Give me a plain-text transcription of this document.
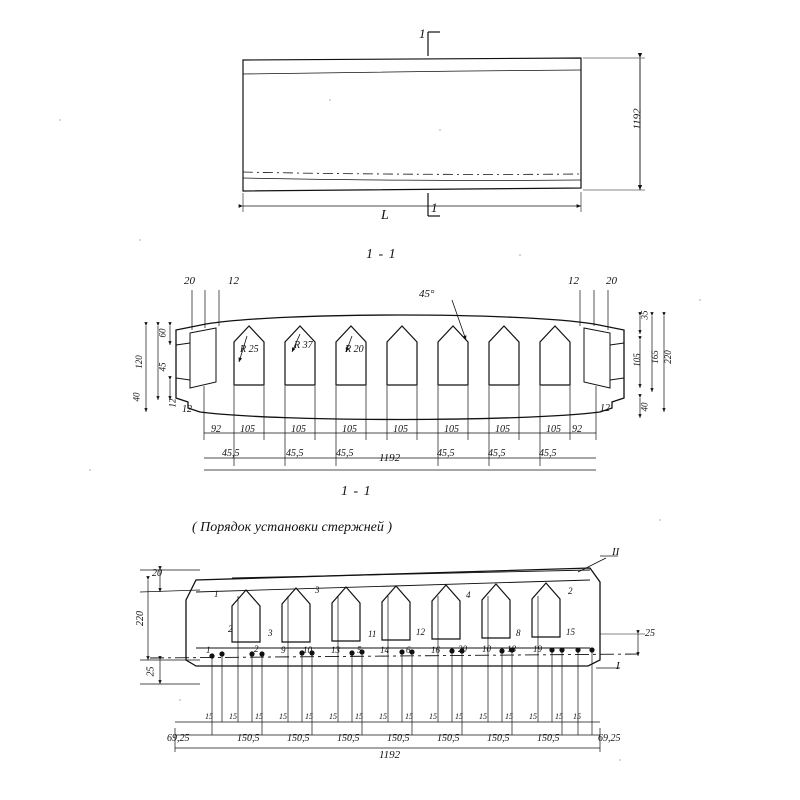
1
1
L
1192
1 - 1
1 - 1
( Порядок установки стержней )
20	12	12 20
45°
R 25	R 37	R 20
60
120 45
40
12
12
35
105 165 220
40
12
92 105	105	105	105	105	105	105 92
45,5	45,5	45,5	45,5	45,5	45,5
1192
20
220
25
25
II
I
1	3	4	2
2	3	11	12	8	15
1	2	9 10 13 5 14 6 16 20 10 18 19
15 15 15 15 15 15 15 15 15 15 15 15 15 15 15 15
69,25	69,25
150,5	150,5	150,5	150,5	150,5	150,5	150,5
1192
